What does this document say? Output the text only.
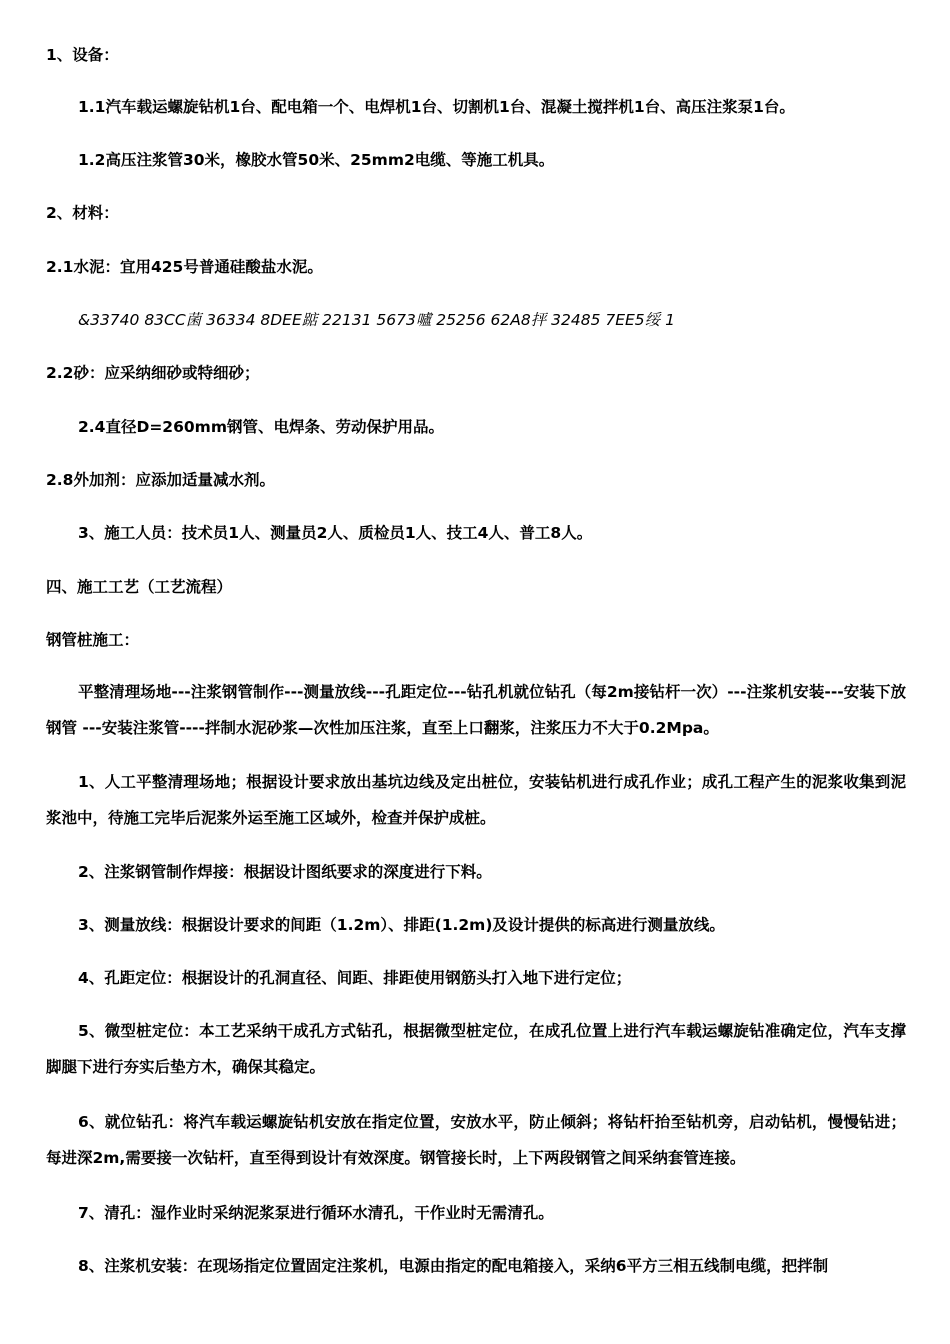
1、设备：
1.1汽车载运螺旋钻机1台、配电箱一个、电焊机1台、切割机1台、混凝土搅拌机1台、高压注浆泵1台。
1.2高压注浆管30米，橡胶水管50米、25mm2电缆、等施工机具。
2、材料：
2.1水泥：宜用425号普通硅酸盐水泥。
&33740 83CC菌 36334 8DEE踮 22131 5673嚧 25256 62A8抨 32485 7EE5绥 1
2.2砂：应采纳细砂或特细砂；
2.4直径D=260mm钢管、电焊条、劳动保护用品。
2.8外加剂：应添加适量减水剂。
3、施工人员：技术员1人、测量员2人、质检员1人、技工4人、普工8人。
四、施工工艺（工艺流程）
钢管桩施工：
平整清理场地---注浆钢管制作---测量放线---孔距定位---钻孔机就位钻孔（每2m接钻杆一次）---注浆机安装---安装下放钢管 ---安装注浆管----拌制水泥砂浆—次性加压注浆，直至上口翻浆，注浆压力不大于0.2Mpa。
1、人工平整清理场地；根据设计要求放出基坑边线及定出桩位，安装钻机进行成孔作业；成孔工程产生的泥浆收集到泥浆池中，待施工完毕后泥浆外运至施工区域外，检查并保护成桩。
2、注浆钢管制作焊接：根据设计图纸要求的深度进行下料。
3、测量放线：根据设计要求的间距（1.2m）、排距(1.2m)及设计提供的标高进行测量放线。
4、孔距定位：根据设计的孔洞直径、间距、排距使用钢筋头打入地下进行定位；
5、微型桩定位：本工艺采纳干成孔方式钻孔，根据微型桩定位，在成孔位置上进行汽车载运螺旋钻准确定位，汽车支撑脚腿下进行夯实后垫方木，确保其稳定。
6、就位钻孔：将汽车载运螺旋钻机安放在指定位置，安放水平，防止倾斜；将钻杆抬至钻机旁，启动钻机，慢慢钻进；每进深2m,需要接一次钻杆，直至得到设计有效深度。钢管接长时，上下两段钢管之间采纳套管连接。
7、清孔：湿作业时采纳泥浆泵进行循环水清孔，干作业时无需清孔。
8、注浆机安装：在现场指定位置固定注浆机，电源由指定的配电箱接入，采纳6平方三相五线制电缆，把拌制
